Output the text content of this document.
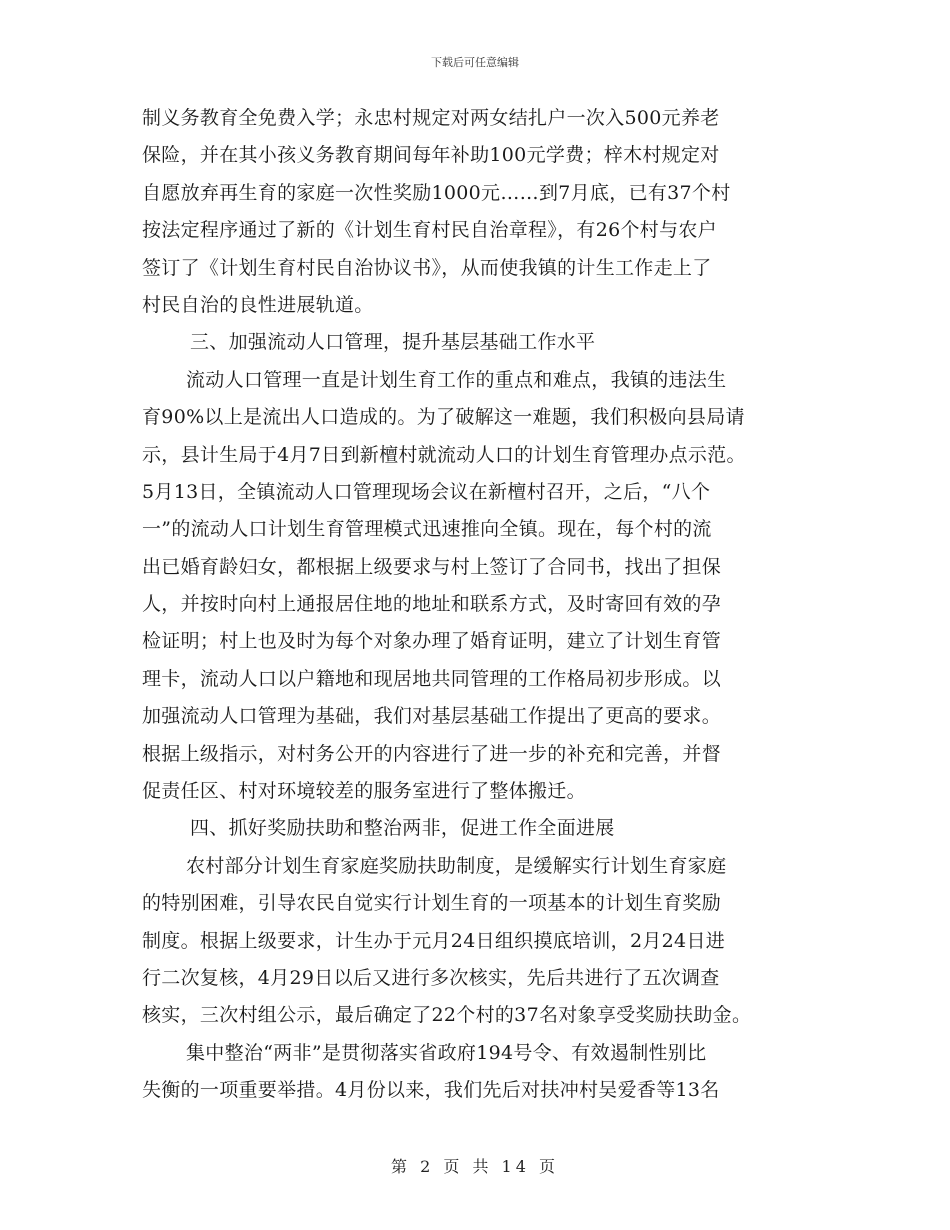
下载后可任意编辑
制义务教育全免费入学；永忠村规定对两女结扎户一次入500元养老
保险，并在其小孩义务教育期间每年补助100元学费；梓木村规定对
自愿放弃再生育的家庭一次性奖励1000元……到7月底，已有37个村
按法定程序通过了新的《计划生育村民自治章程》，有26个村与农户
签订了《计划生育村民自治协议书》，从而使我镇的计生工作走上了
村民自治的良性进展轨道。
三、加强流动人口管理，提升基层基础工作水平
流动人口管理一直是计划生育工作的重点和难点，我镇的违法生
育90%以上是流出人口造成的。为了破解这一难题，我们积极向县局请
示，县计生局于4月7日到新檀村就流动人口的计划生育管理办点示范。
5月13日，全镇流动人口管理现场会议在新檀村召开，之后，“八个
一”的流动人口计划生育管理模式迅速推向全镇。现在，每个村的流
出已婚育龄妇女，都根据上级要求与村上签订了合同书，找出了担保
人，并按时向村上通报居住地的地址和联系方式，及时寄回有效的孕
检证明；村上也及时为每个对象办理了婚育证明，建立了计划生育管
理卡，流动人口以户籍地和现居地共同管理的工作格局初步形成。以
加强流动人口管理为基础，我们对基层基础工作提出了更高的要求。
根据上级指示，对村务公开的内容进行了进一步的补充和完善，并督
促责任区、村对环境较差的服务室进行了整体搬迁。
四、抓好奖励扶助和整治两非，促进工作全面进展
农村部分计划生育家庭奖励扶助制度，是缓解实行计划生育家庭
的特别困难，引导农民自觉实行计划生育的一项基本的计划生育奖励
制度。根据上级要求，计生办于元月24日组织摸底培训，2月24日进
行二次复核，4月29日以后又进行多次核实，先后共进行了五次调查
核实，三次村组公示，最后确定了22个村的37名对象享受奖励扶助金。
集中整治“两非”是贯彻落实省政府194号令、有效遏制性别比
失衡的一项重要举措。4月份以来，我们先后对扶冲村吴爱香等13名
第 2 页 共 14 页
